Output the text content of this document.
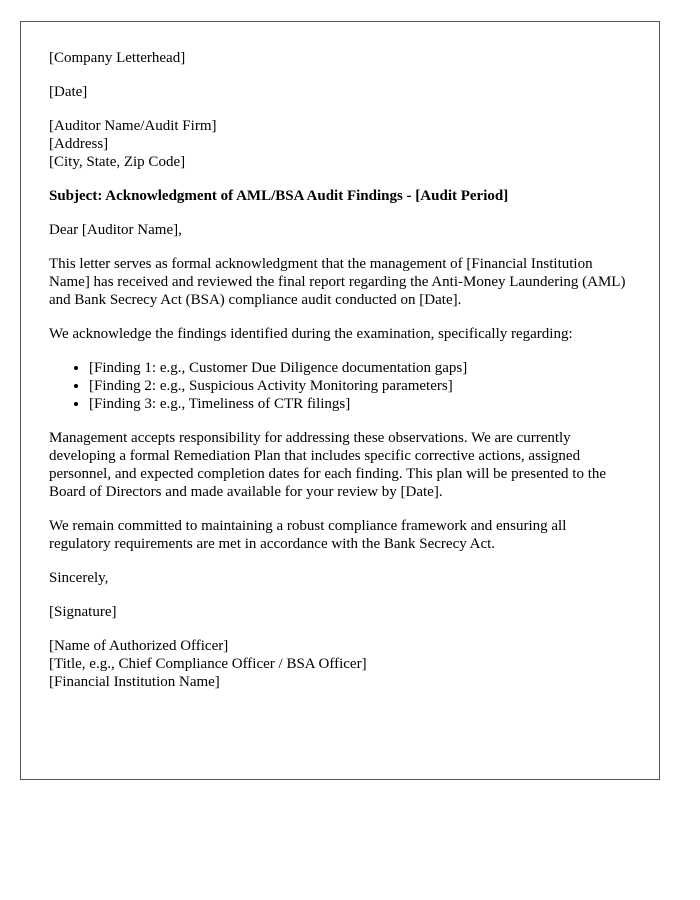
[Company Letterhead]

[Date]

[Auditor Name/Audit Firm]
[Address]
[City, State, Zip Code]

Subject: Acknowledgment of AML/BSA Audit Findings - [Audit Period]

Dear [Auditor Name],

This letter serves as formal acknowledgment that the management of [Financial Institution Name] has received and reviewed the final report regarding the Anti-Money Laundering (AML) and Bank Secrecy Act (BSA) compliance audit conducted on [Date].

We acknowledge the findings identified during the examination, specifically regarding:

• [Finding 1: e.g., Customer Due Diligence documentation gaps]
• [Finding 2: e.g., Suspicious Activity Monitoring parameters]
• [Finding 3: e.g., Timeliness of CTR filings]

Management accepts responsibility for addressing these observations. We are currently developing a formal Remediation Plan that includes specific corrective actions, assigned personnel, and expected completion dates for each finding. This plan will be presented to the Board of Directors and made available for your review by [Date].

We remain committed to maintaining a robust compliance framework and ensuring all regulatory requirements are met in accordance with the Bank Secrecy Act.

Sincerely,

[Signature]

[Name of Authorized Officer]
[Title, e.g., Chief Compliance Officer / BSA Officer]
[Financial Institution Name]
